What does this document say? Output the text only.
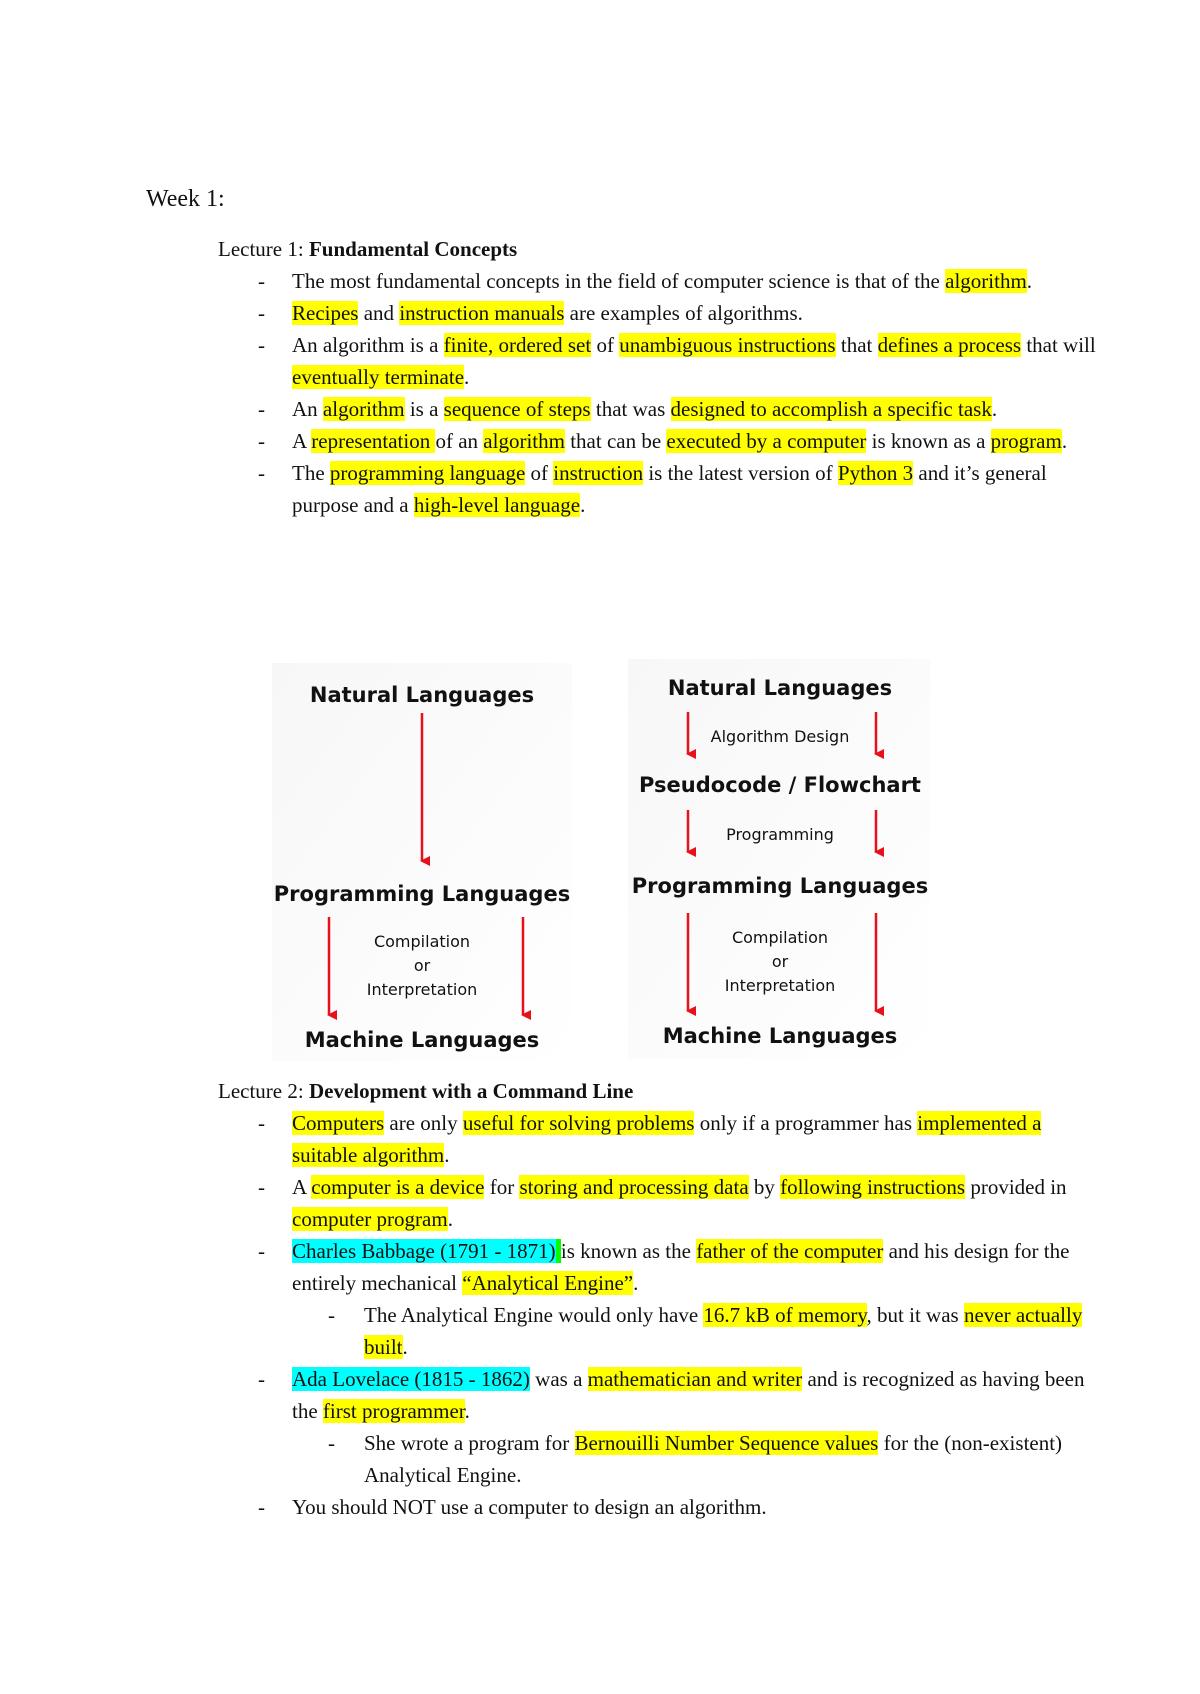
Week 1:
Lecture 1: Fundamental Concepts
- The most fundamental concepts in the field of computer science is that of the algorithm.
- Recipes and instruction manuals are examples of algorithms.
- An algorithm is a finite, ordered set of unambiguous instructions that defines a process that will eventually terminate.
- An algorithm is a sequence of steps that was designed to accomplish a specific task.
- A representation of an algorithm that can be executed by a computer is known as a program.
- The programming language of instruction is the latest version of Python 3 and it’s general purpose and a high-level language.
Natural Languages
Programming Languages
Compilation
or
Interpretation
Machine Languages
Natural Languages
Algorithm Design
Pseudocode / Flowchart
Programming
Programming Languages
Compilation
or
Interpretation
Machine Languages
Lecture 2: Development with a Command Line
- Computers are only useful for solving problems only if a programmer has implemented a suitable algorithm.
- A computer is a device for storing and processing data by following instructions provided in computer program.
- Charles Babbage (1791 - 1871) is known as the father of the computer and his design for the entirely mechanical “Analytical Engine”.
- The Analytical Engine would only have 16.7 kB of memory, but it was never actually built.
- Ada Lovelace (1815 - 1862) was a mathematician and writer and is recognized as having been the first programmer.
- She wrote a program for Bernouilli Number Sequence values for the (non-existent) Analytical Engine.
- You should NOT use a computer to design an algorithm.
